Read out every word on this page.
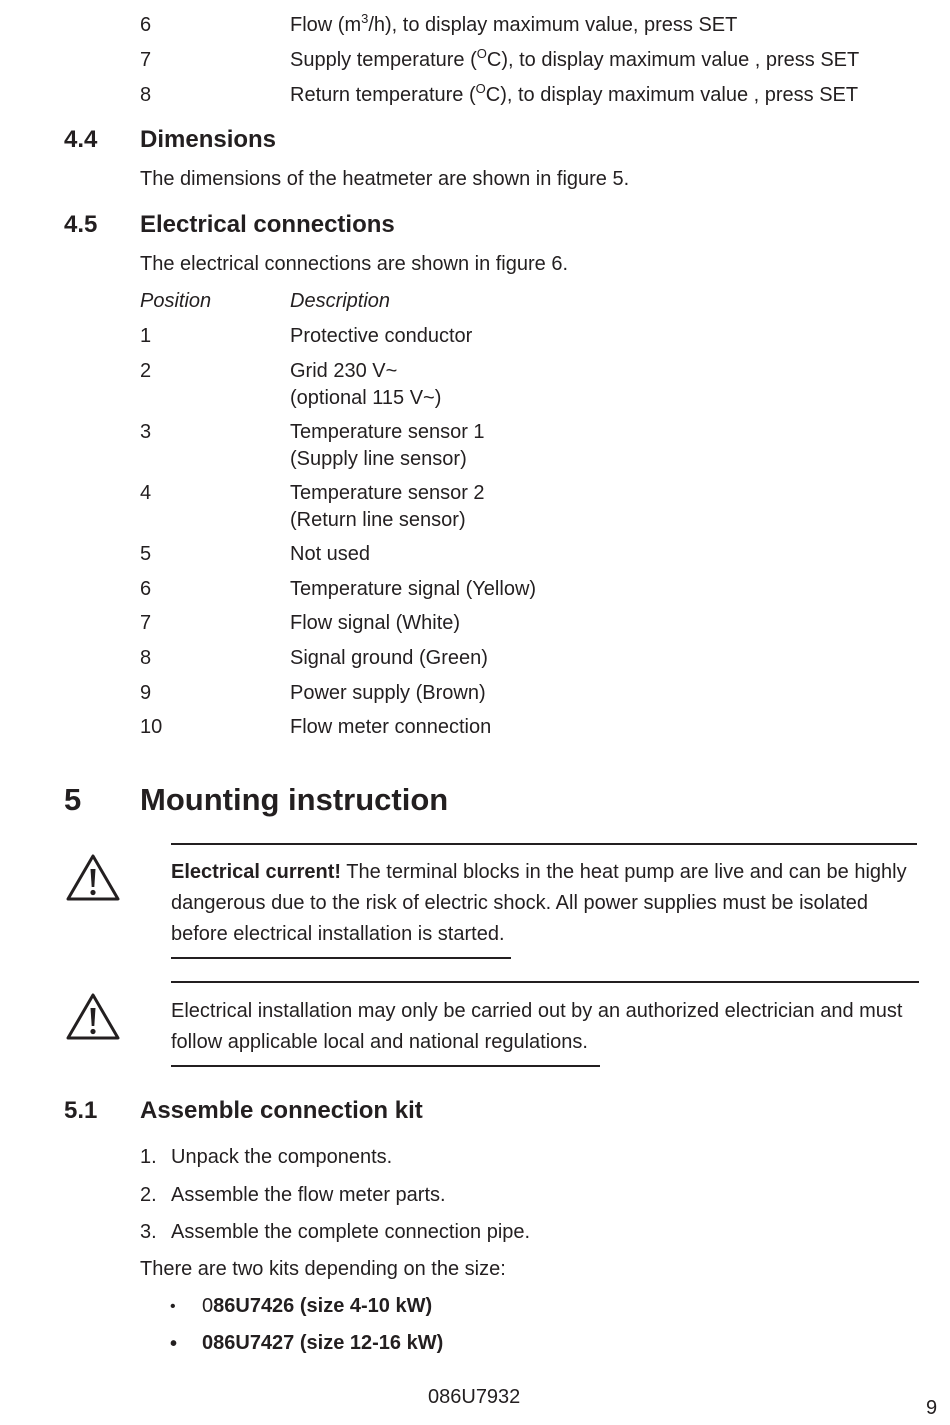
6	Flow $(m^3/h)$, to display maximum value, press SET
7	Supply temperature ($^O$C), to display maximum value , press SET
8	Return temperature ($^O$C), to display maximum value , press SET
4.4 Dimensions
The dimensions of the heatmeter are shown in figure 5.
4.5 Electrical connections
The electrical connections are shown in figure 6.
Position	Description
1	Protective conductor
2	Grid 230 V~
(optional 115 V~)
3	Temperature sensor 1
(Supply line sensor)
4	Temperature sensor 2
(Return line sensor)
5	Not used
6	Temperature signal (Yellow)
7	Flow signal (White)
8	Signal ground (Green)
9	Power supply (Brown)
10	Flow meter connection
5 Mounting instruction
Electrical current! The terminal blocks in the heat pump are live and can be highly
dangerous due to the risk of electric shock. All power supplies must be isolated
before electrical installation is started.
Electrical installation may only be carried out by an authorized electrician and must
follow applicable local and national regulations.
5.1 Assemble connection kit
1. Unpack the components.
2. Assemble the flow meter parts.
3. Assemble the complete connection pipe.
There are two kits depending on the size:
• 086U7426 (size 4-10 kW)
• 086U7427 (size 12-16 kW)
086U7932	9
